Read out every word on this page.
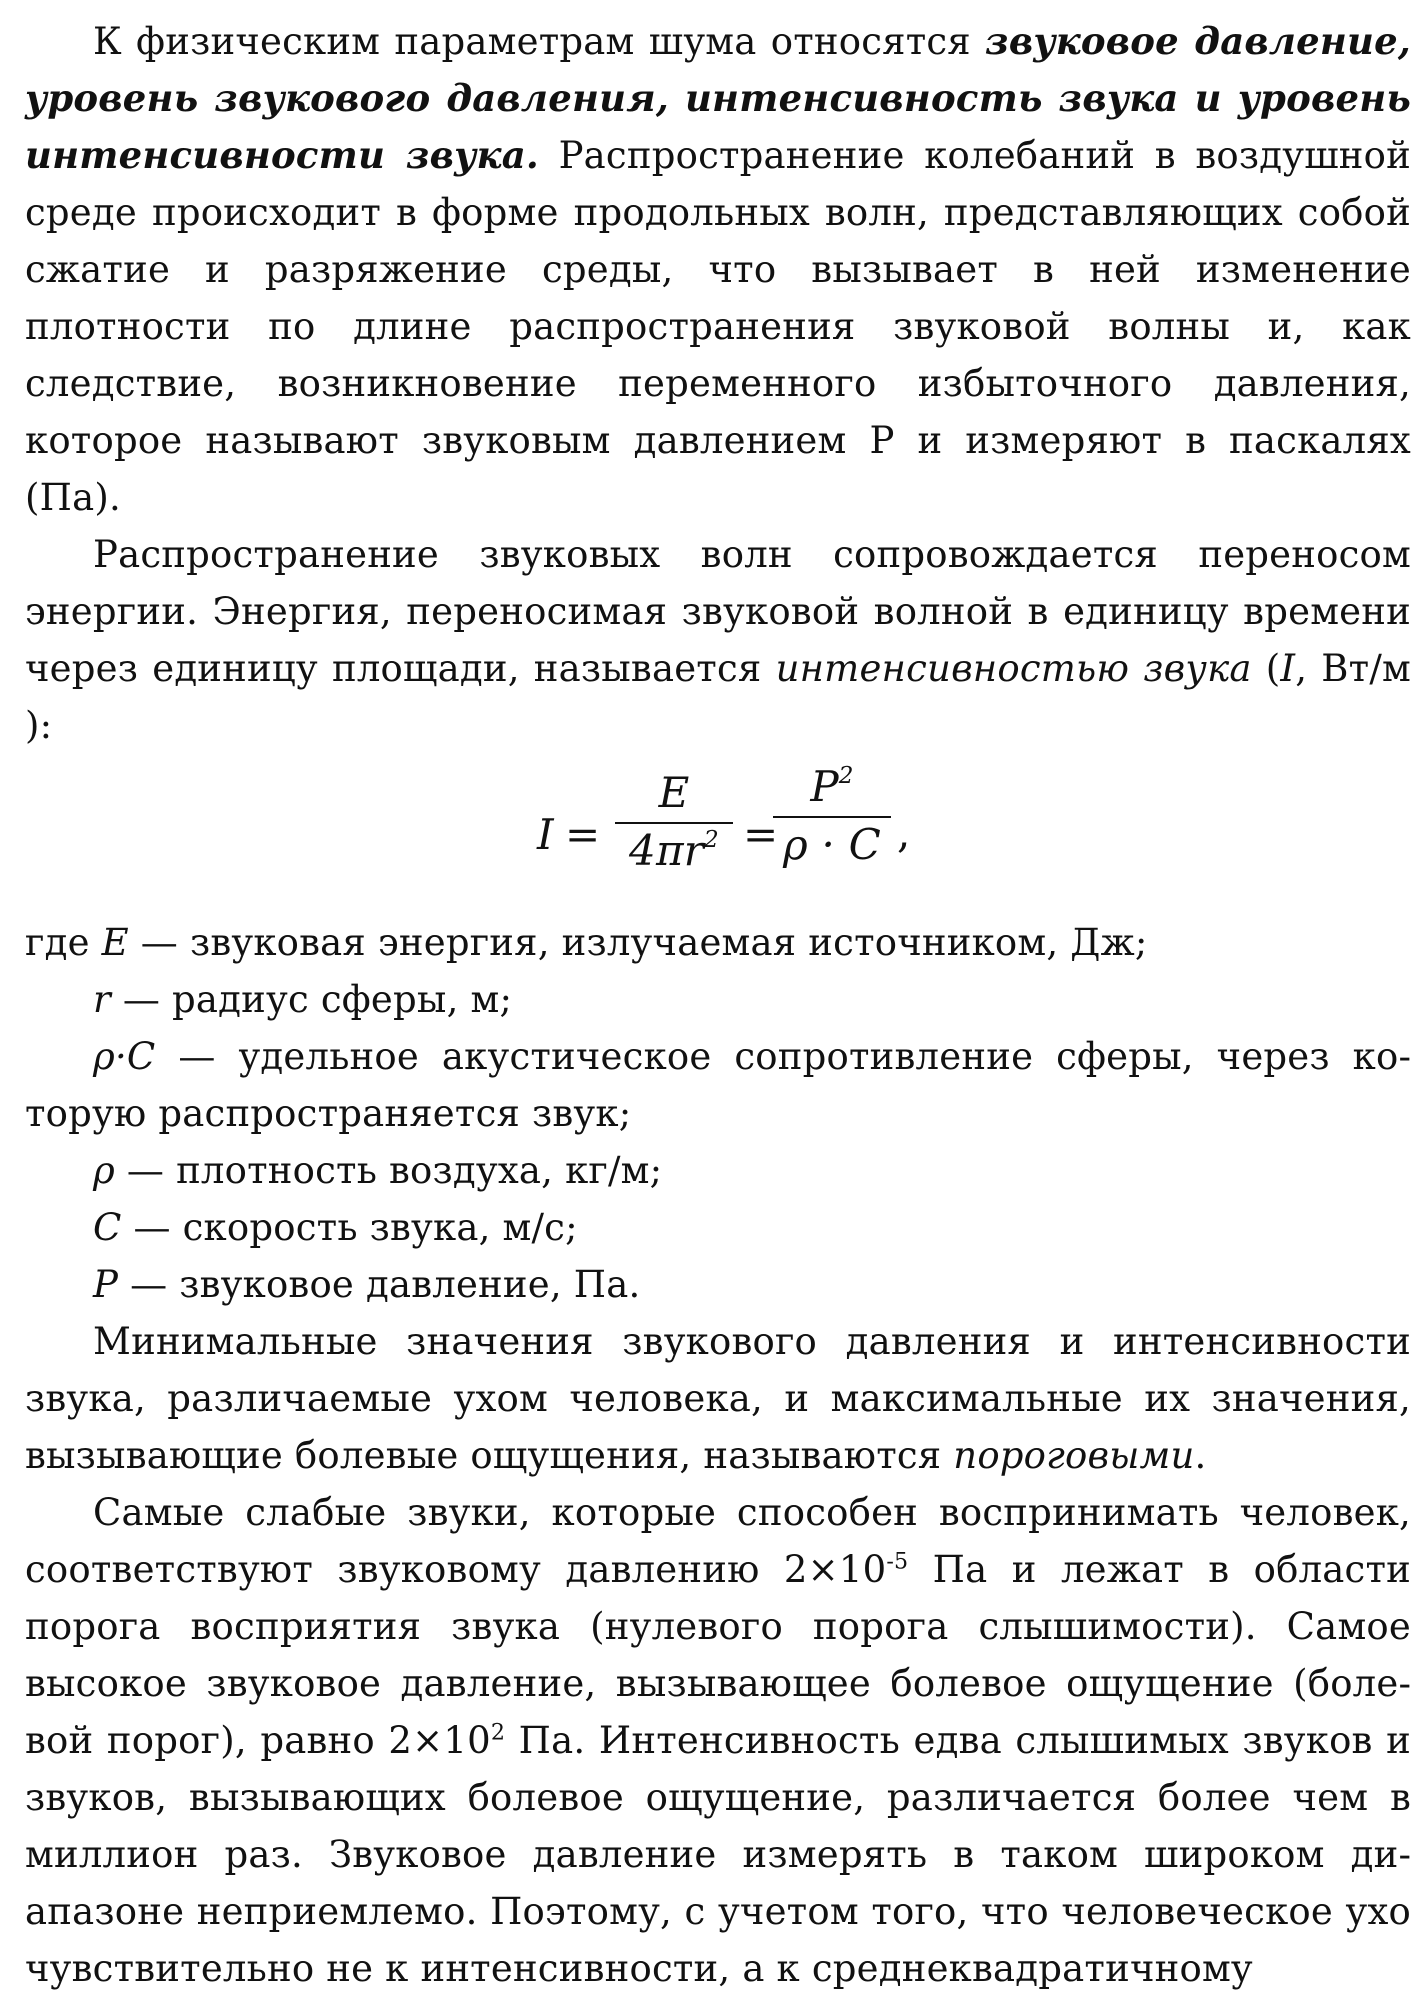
К физическим параметрам шума относятся звуковое давление, уровень звукового давления, интенсивность звука и уровень интенсивности звука. Распространение колебаний в воздушной среде происходит в форме продольных волн, представляющих собой сжатие и разряжение среды, что вызывает в ней изменение плотности по длине распространения звуковой волны и, как следствие, возникновение переменного избыточного давления, которое называют звуковым давлением Р и измеряют в паскалях (Па).

Распространение звуковых волн сопровождается переносом энергии. Энергия, переносимая звуковой волной в единицу времени через единицу площади, называется интенсивностью звука (I, Вт/м ):

I =
E
$4\pi r^2$ =
$P^2$
ρ · C ,

где E — звуковая энергия, излучаемая источником, Дж;

r — радиус сферы, м;

ρ·C — удельное акустическое сопротивление сферы, через которую распространяется звук;

ρ — плотность воздуха, кг/м;

C — скорость звука, м/с;

P — звуковое давление, Па.

Минимальные значения звукового давления и интенсивности звука, различаемые ухом человека, и максимальные их значения, вызывающие болевые ощущения, называются пороговыми.

Самые слабые звуки, которые способен воспринимать человек, соответствуют звуковому давлению $2\times 10^{-5}$ Па и лежат в области порога восприятия звука (нулевого порога слышимости). Самое высокое звуковое давление, вызывающее болевое ощущение (болевой порог), равно $2\times 10^2$ Па. Интенсивность едва слышимых звуков и звуков, вызывающих болевое ощущение, различается более чем в миллион раз. Звуковое давление измерять в таком широком диапазоне неприемлемо. Поэтому, с учетом того, что человеческое ухо чувствительно не к интенсивности, а к среднеквадратичному
